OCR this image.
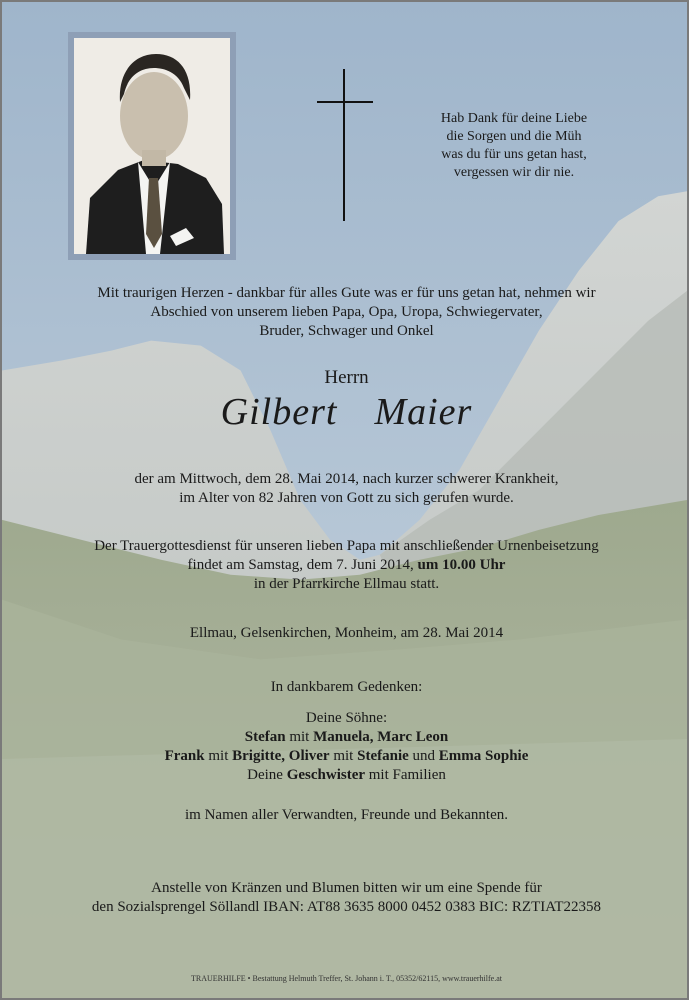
Hab Dank für deine Liebe
die Sorgen und die Müh
was du für uns getan hast,
vergessen wir dir nie.
Mit traurigen Herzen - dankbar für alles Gute was er für uns getan hat, nehmen wir
Abschied von unserem lieben Papa, Opa, Uropa, Schwiegervater,
Bruder, Schwager und Onkel
Herrn
Gilbert  Maier
der am Mittwoch, dem 28. Mai 2014, nach kurzer schwerer Krankheit,
im Alter von 82 Jahren von Gott zu sich gerufen wurde.
Der Trauergottesdienst für unseren lieben Papa mit anschließender Urnenbeisetzung
findet am Samstag, dem 7. Juni 2014, um 10.00 Uhr
in der Pfarrkirche Ellmau statt.
Ellmau, Gelsenkirchen, Monheim, am 28. Mai 2014
In dankbarem Gedenken:
Deine Söhne:
Stefan mit Manuela, Marc Leon
Frank mit Brigitte, Oliver mit Stefanie und Emma Sophie
Deine Geschwister mit Familien
im Namen aller Verwandten, Freunde und Bekannten.
Anstelle von Kränzen und Blumen bitten wir um eine Spende für
den Sozialsprengel Söllandl IBAN: AT88 3635 8000 0452 0383 BIC: RZTIAT22358
TRAUERHILFE • Bestattung Helmuth Treffer, St. Johann i. T., 05352/62115, www.trauerhilfe.at
